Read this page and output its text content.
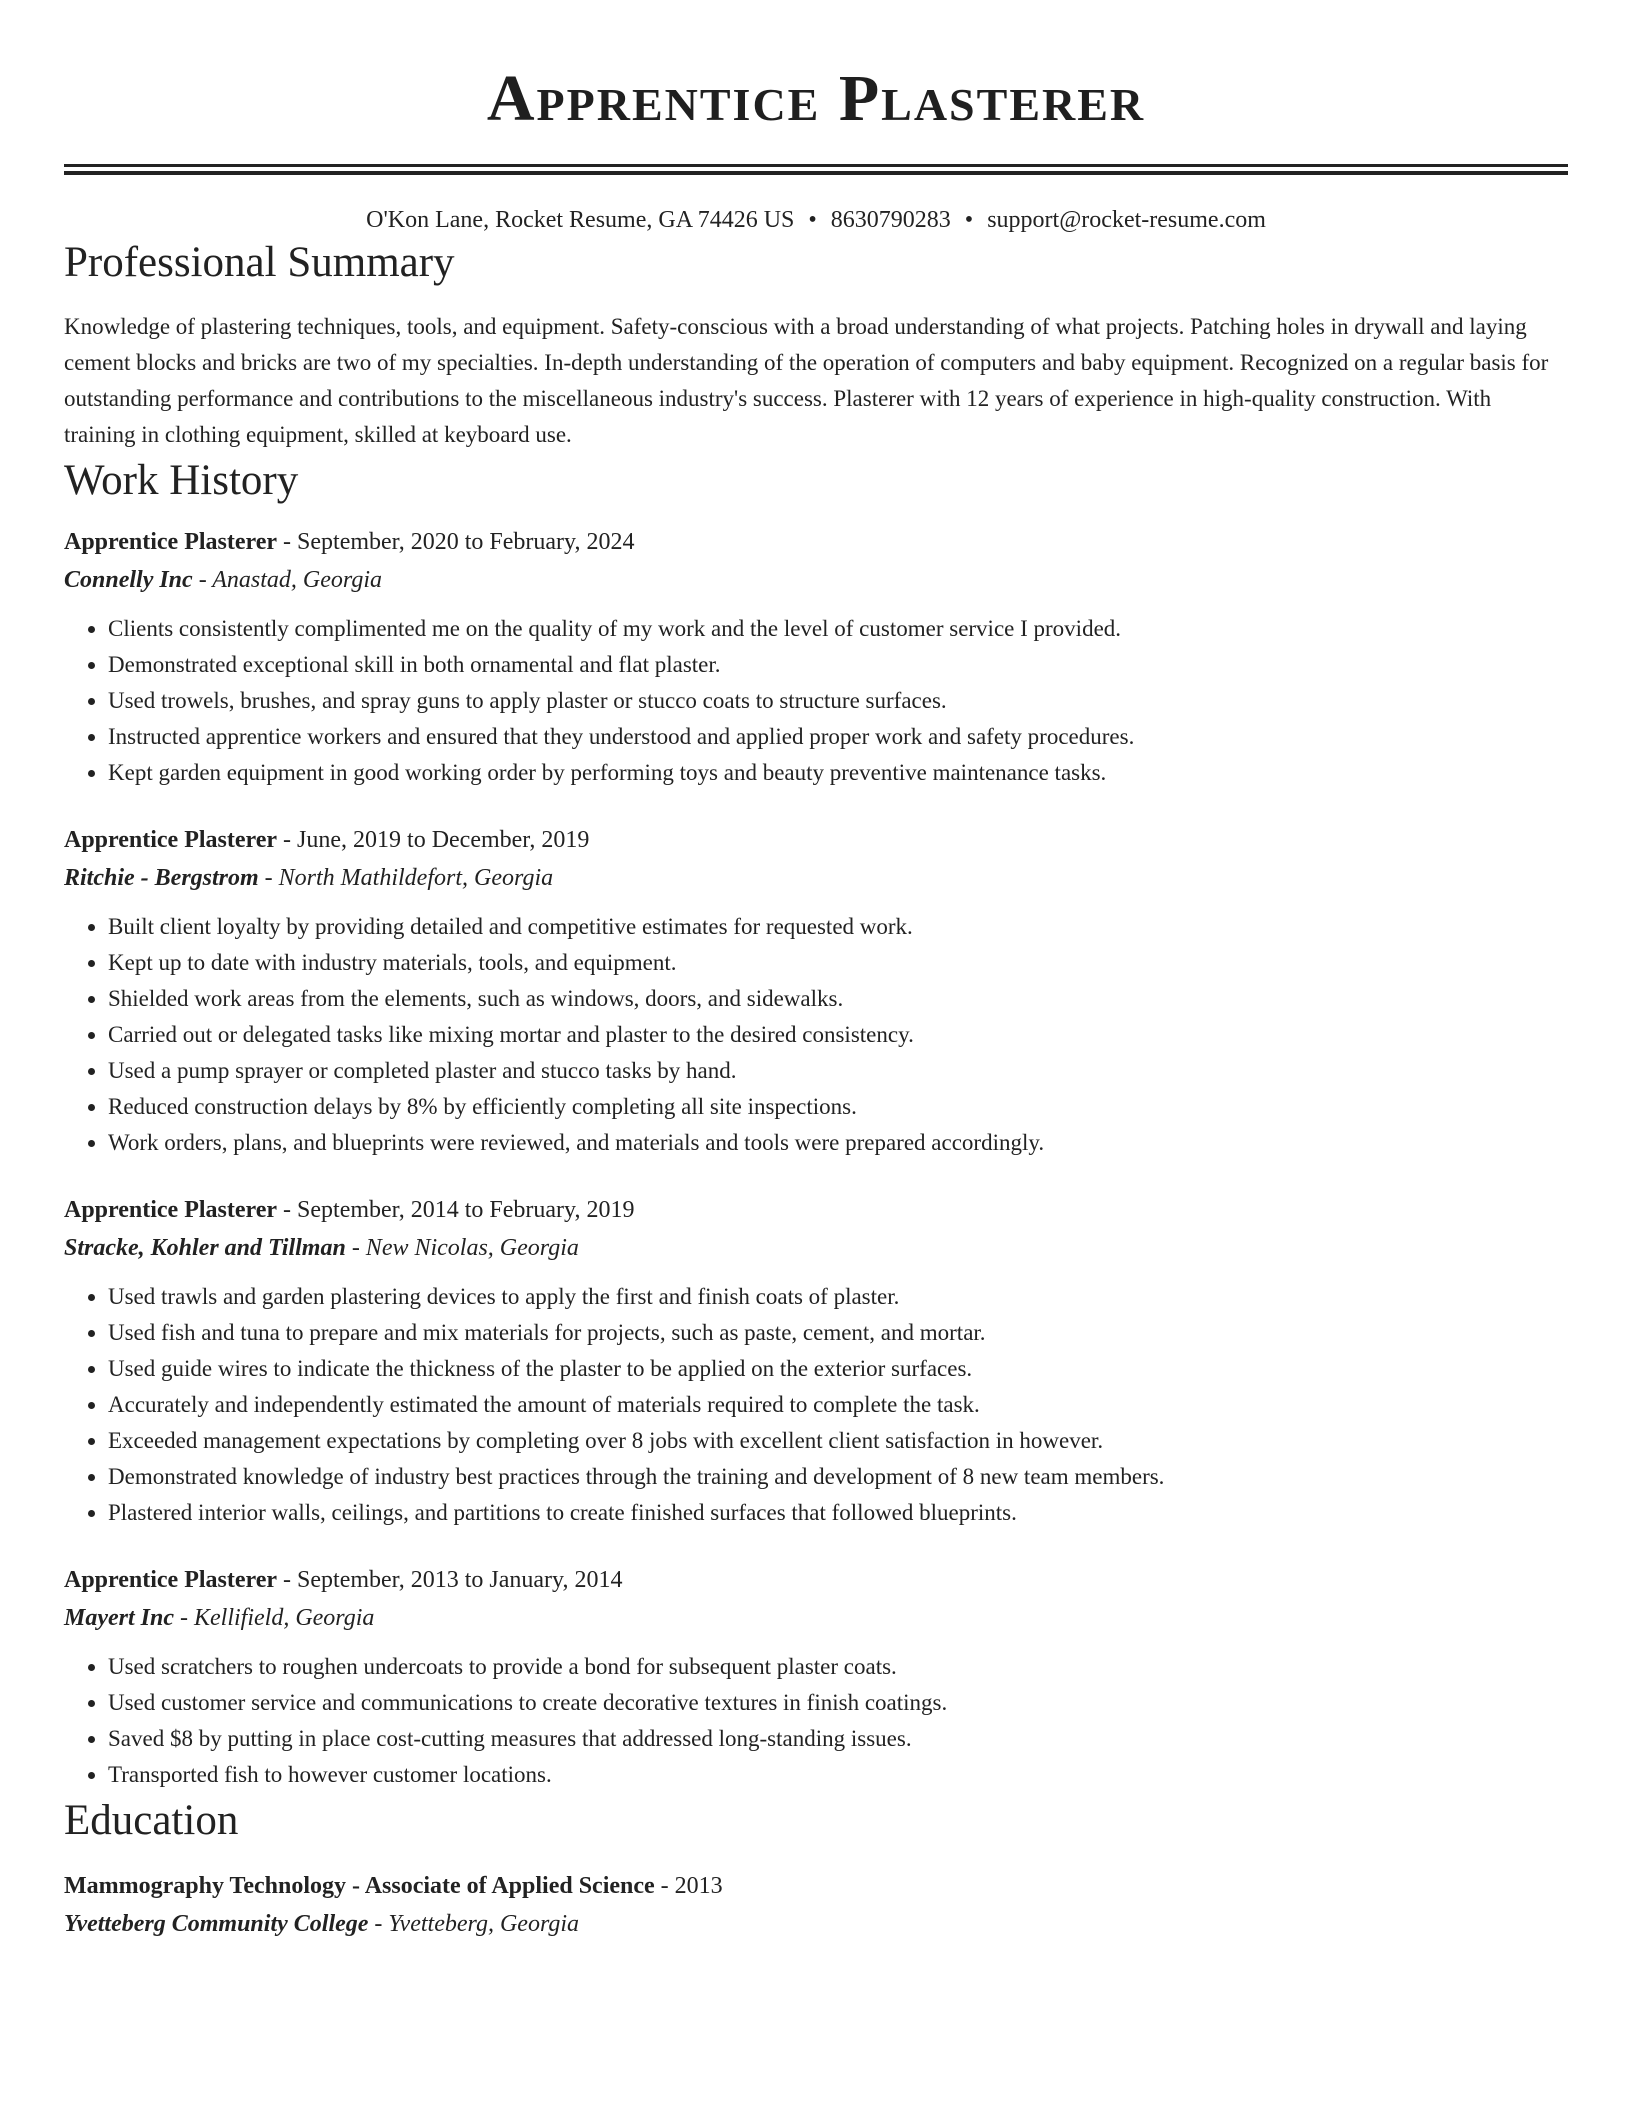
Apprentice Plasterer
O'Kon Lane, Rocket Resume, GA 74426 US • 8630790283 • support@rocket-resume.com
Professional Summary

Knowledge of plastering techniques, tools, and equipment. Safety-conscious with a broad understanding of what projects. Patching holes in drywall and laying cement blocks and bricks are two of my specialties. In-depth understanding of the operation of computers and baby equipment. Recognized on a regular basis for outstanding performance and contributions to the miscellaneous industry's success. Plasterer with 12 years of experience in high-quality construction. With training in clothing equipment, skilled at keyboard use.

Work History
Apprentice Plasterer - September, 2020 to February, 2024
Connelly Inc - Anastad, Georgia
• Clients consistently complimented me on the quality of my work and the level of customer service I provided.
• Demonstrated exceptional skill in both ornamental and flat plaster.
• Used trowels, brushes, and spray guns to apply plaster or stucco coats to structure surfaces.
• Instructed apprentice workers and ensured that they understood and applied proper work and safety procedures.
• Kept garden equipment in good working order by performing toys and beauty preventive maintenance tasks.
Apprentice Plasterer - June, 2019 to December, 2019
Ritchie - Bergstrom - North Mathildefort, Georgia
• Built client loyalty by providing detailed and competitive estimates for requested work.
• Kept up to date with industry materials, tools, and equipment.
• Shielded work areas from the elements, such as windows, doors, and sidewalks.
• Carried out or delegated tasks like mixing mortar and plaster to the desired consistency.
• Used a pump sprayer or completed plaster and stucco tasks by hand.
• Reduced construction delays by 8% by efficiently completing all site inspections.
• Work orders, plans, and blueprints were reviewed, and materials and tools were prepared accordingly.
Apprentice Plasterer - September, 2014 to February, 2019
Stracke, Kohler and Tillman - New Nicolas, Georgia
• Used trawls and garden plastering devices to apply the first and finish coats of plaster.
• Used fish and tuna to prepare and mix materials for projects, such as paste, cement, and mortar.
• Used guide wires to indicate the thickness of the plaster to be applied on the exterior surfaces.
• Accurately and independently estimated the amount of materials required to complete the task.
• Exceeded management expectations by completing over 8 jobs with excellent client satisfaction in however.
• Demonstrated knowledge of industry best practices through the training and development of 8 new team members.
• Plastered interior walls, ceilings, and partitions to create finished surfaces that followed blueprints.
Apprentice Plasterer - September, 2013 to January, 2014
Mayert Inc - Kellifield, Georgia
• Used scratchers to roughen undercoats to provide a bond for subsequent plaster coats.
• Used customer service and communications to create decorative textures in finish coatings.
• Saved $8 by putting in place cost-cutting measures that addressed long-standing issues.
• Transported fish to however customer locations.
Education
Mammography Technology - Associate of Applied Science - 2013
Yvetteberg Community College - Yvetteberg, Georgia
